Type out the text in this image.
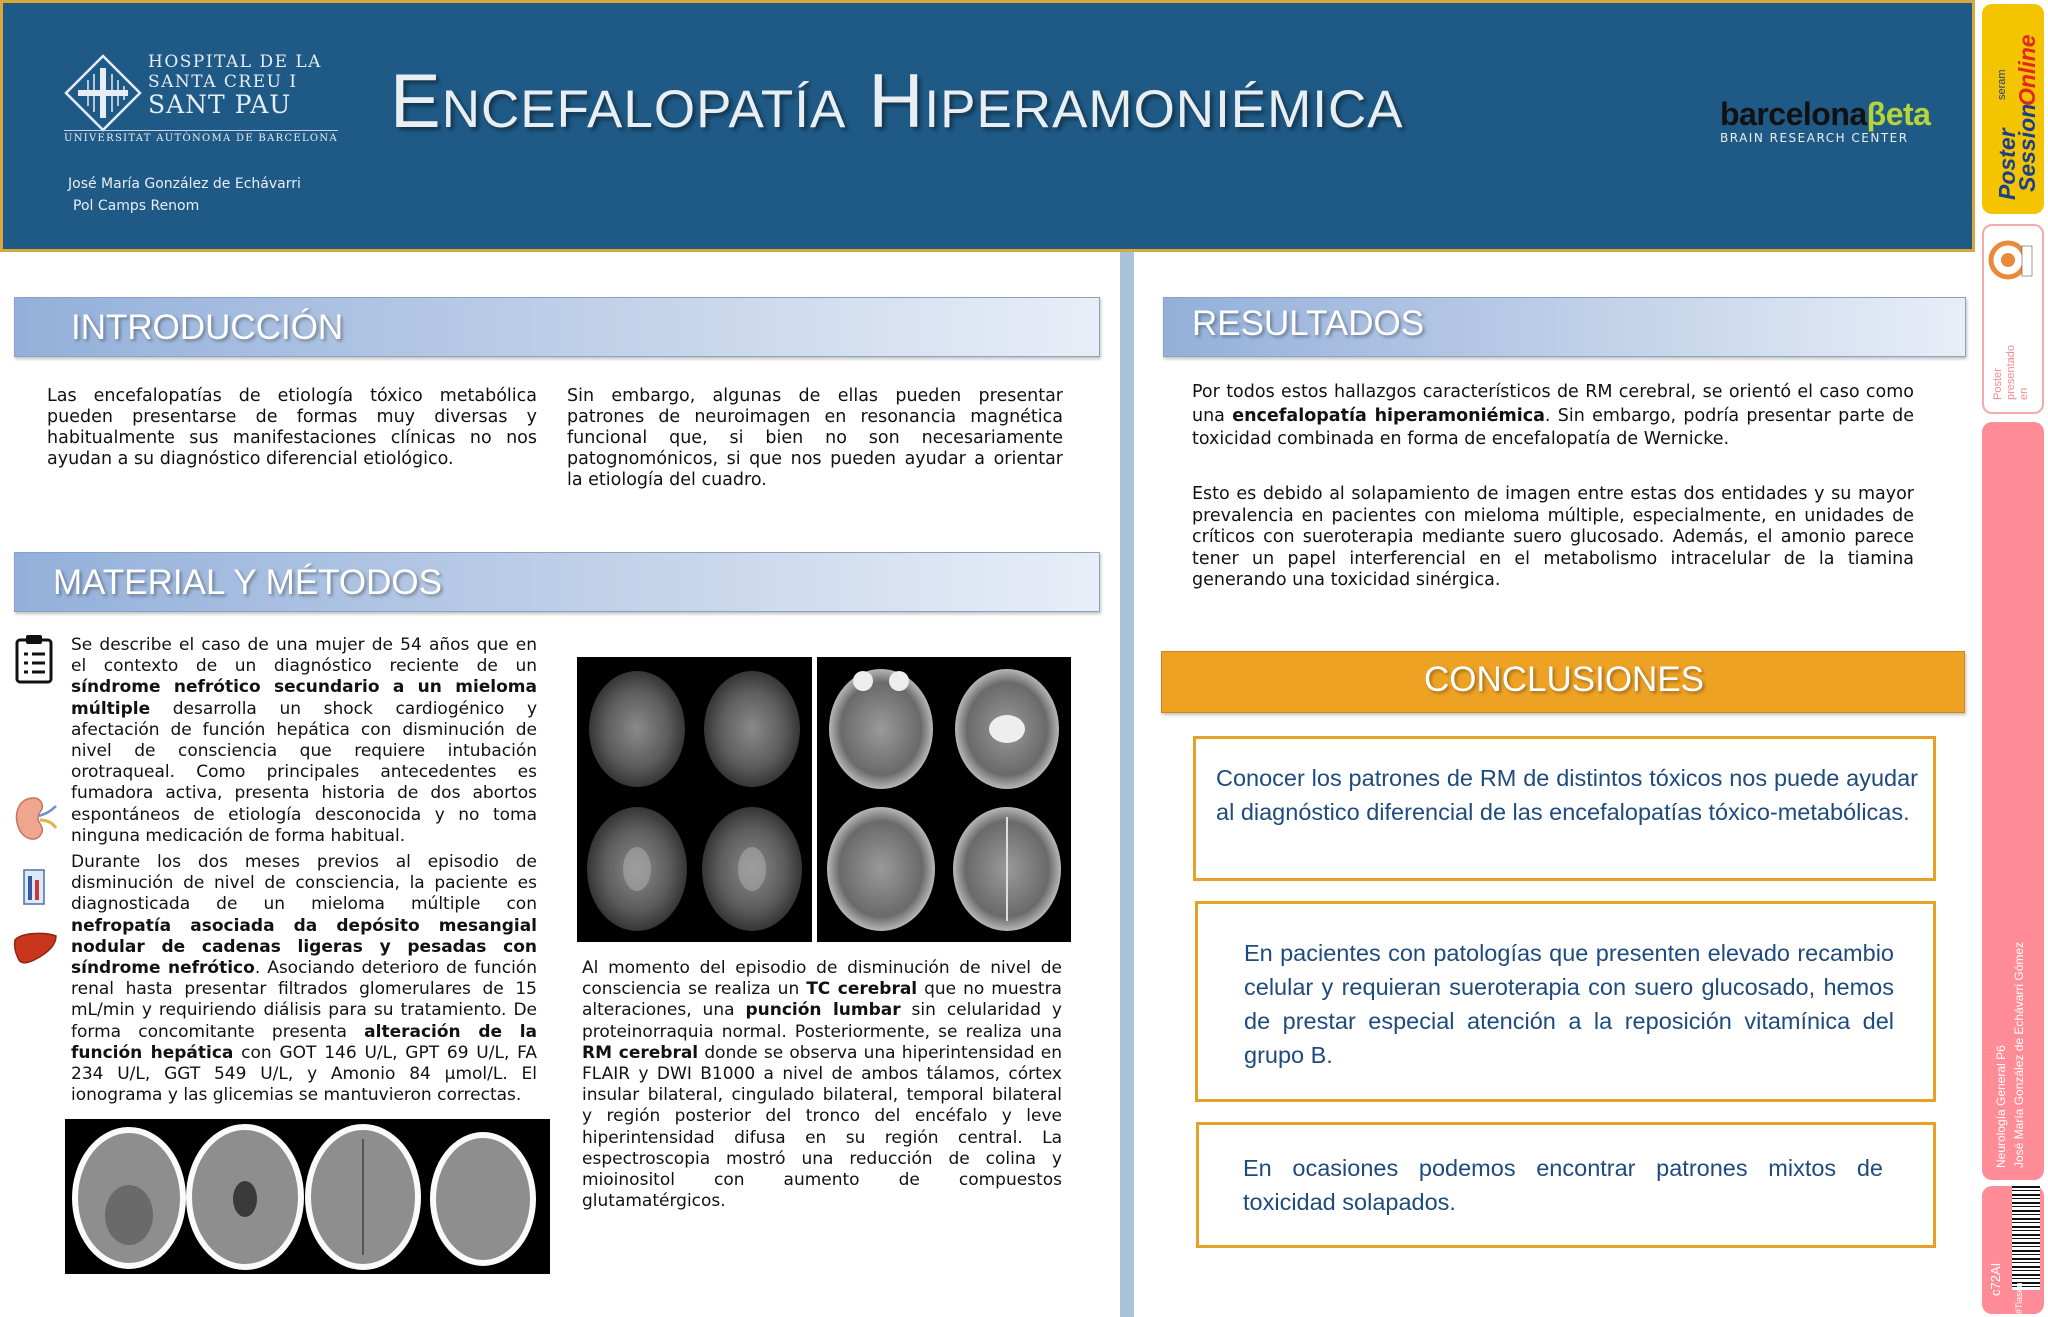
HOSPITAL DE LA
SANTA CREU I
SANT PAU
UNIVERSITAT AUTÒNOMA DE BARCELONA
José María González de Echávarri
Pol Camps Renom
Encefalopatía Hiperamoniémica	barcelonaβeta
BRAIN RESEARCH CENTER	Poster
Session
Online
seram
Poster presentado en
Neurología General P6 José María González de Echávarri Gómez
c72AI
#Tiasen
INTRODUCCIÓN
Las encefalopatías de etiología tóxico metabólica pueden presentarse de formas muy diversas y habitualmente sus manifestaciones clínicas no nos ayudan a su diagnóstico diferencial etiológico.
Sin embargo, algunas de ellas pueden presentar patrones de neuroimagen en resonancia magnética funcional que, si bien no son necesariamente patognomónicos, si que nos pueden ayudar a orientar la etiología del cuadro.
MATERIAL Y MÉTODOS
Se describe el caso de una mujer de 54 años que en el contexto de un diagnóstico reciente de un síndrome nefrótico secundario a un mieloma múltiple desarrolla un shock cardiogénico y afectación de función hepática con disminución de nivel de consciencia que requiere intubación orotraqueal. Como principales antecedentes es fumadora activa, presenta historia de dos abortos espontáneos de etiología desconocida y no toma ninguna medicación de forma habitual.
Durante los dos meses previos al episodio de disminución de nivel de consciencia, la paciente es diagnosticada de un mieloma múltiple con nefropatía asociada da depósito mesangial nodular de cadenas ligeras y pesadas con síndrome nefrótico. Asociando deterioro de función renal hasta presentar filtrados glomerulares de 15 mL/min y requiriendo diálisis para su tratamiento. De forma concomitante presenta alteración de la función hepática con GOT 146 U/L, GPT 69 U/L, FA 234 U/L, GGT 549 U/L, y Amonio 84 µmol/L. El ionograma y las glicemias se mantuvieron correctas.
Al momento del episodio de disminución de nivel de consciencia se realiza un TC cerebral que no muestra alteraciones, una punción lumbar sin celularidad y proteinorraquia normal. Posteriormente, se realiza una RM cerebral donde se observa una hiperintensidad en FLAIR y DWI B1000 a nivel de ambos tálamos, córtex insular bilateral, cingulado bilateral, temporal bilateral y región posterior del tronco del encéfalo y leve hiperintensidad difusa en su región central. La espectroscopia mostró una reducción de colina y mioinositol con aumento de compuestos glutamatérgicos.
RESULTADOS
Por todos estos hallazgos característicos de RM cerebral, se orientó el caso como una encefalopatía hiperamoniémica. Sin embargo, podría presentar parte de toxicidad combinada en forma de encefalopatía de Wernicke.
Esto es debido al solapamiento de imagen entre estas dos entidades y su mayor prevalencia en pacientes con mieloma múltiple, especialmente, en unidades de críticos con sueroterapia mediante suero glucosado. Además, el amonio parece tener un papel interferencial en el metabolismo intracelular de la tiamina generando una toxicidad sinérgica.
CONCLUSIONES
Conocer los patrones de RM de distintos tóxicos nos puede ayudar al diagnóstico diferencial de las encefalopatías tóxico-metabólicas.
En pacientes con patologías que presenten elevado recambio celular y requieran sueroterapia con suero glucosado, hemos de prestar especial atención a la reposición vitamínica del grupo B.
En ocasiones podemos encontrar patrones mixtos de toxicidad solapados.
